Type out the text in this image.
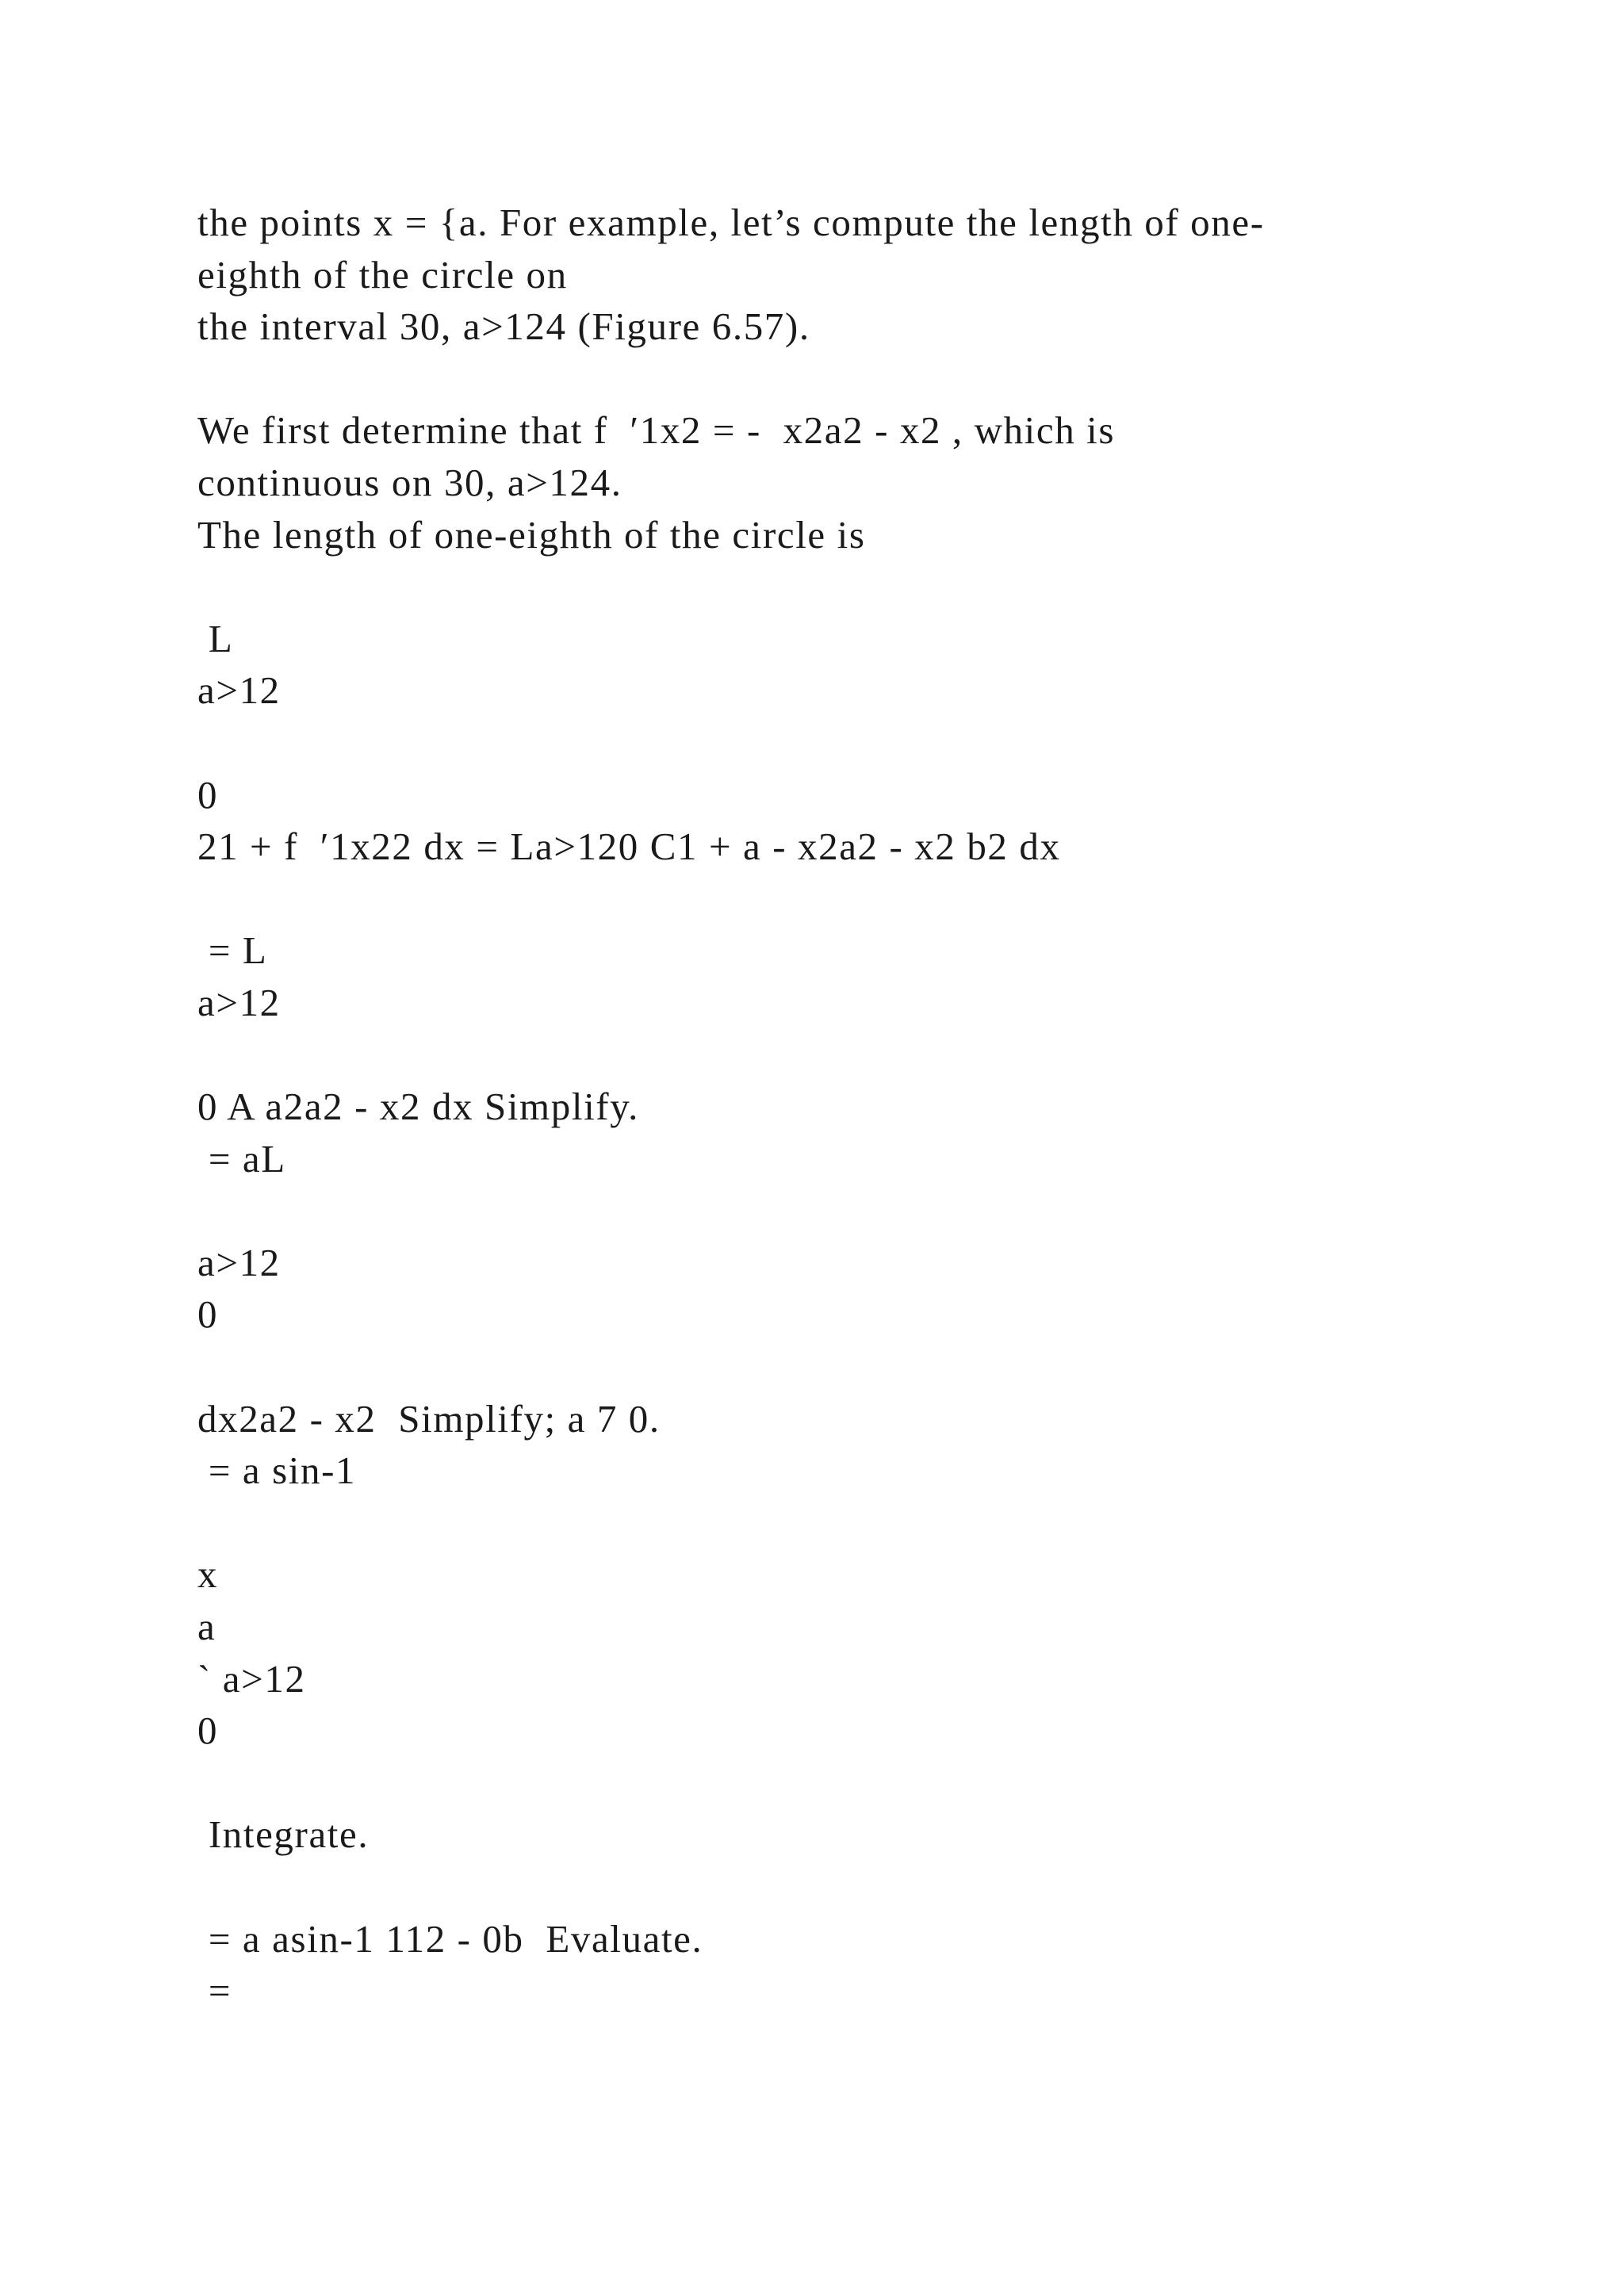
the points x = {a. For example, let’s compute the length of one-
eighth of the circle on
the interval 30, a>124 (Figure 6.57).
We first determine that f  ′1x2 = -  x2a2 - x2 , which is
continuous on 30, a>124.
The length of one-eighth of the circle is
L
a>12
0
21 + f  ′1x22 dx = La>120 C1 + a - x2a2 - x2 b2 dx
= L
a>12
0 A a2a2 - x2 dx Simplify.
= aL
a>12
0
dx2a2 - x2  Simplify; a 7 0.
= a sin-1
x
a
` a>12
0
Integrate.
= a asin-1 112 - 0b  Evaluate.
=
